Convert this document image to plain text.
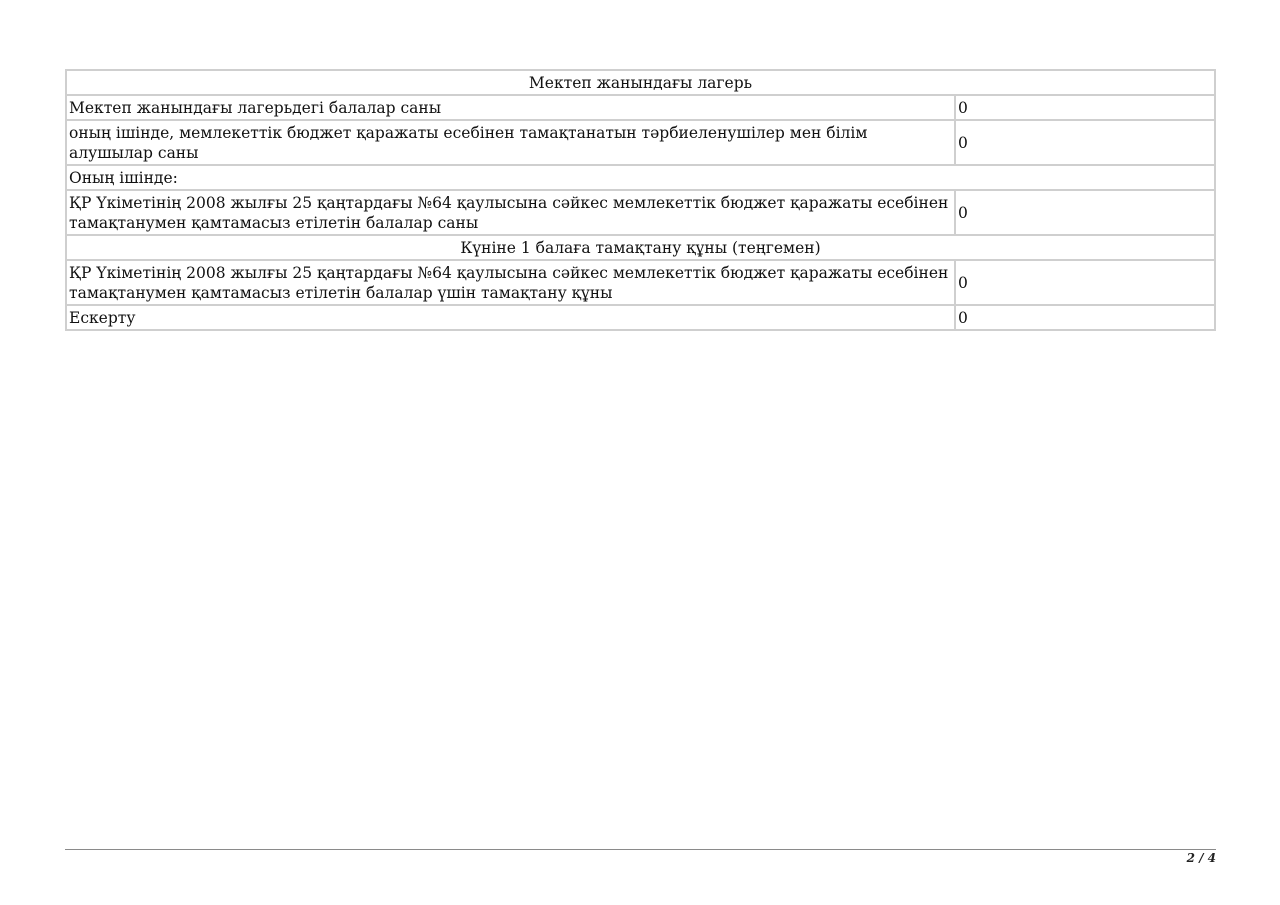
Мектеп жанындағы лагерь	
Мектеп жанындағы лагерьдегі балалар саны	0
оның ішінде, мемлекеттік бюджет қаражаты есебінен тамақтанатын тәрбиеленушілер мен білім алушылар саны	0
Оның ішінде:	
ҚР Үкіметінің 2008 жылғы 25 қаңтардағы №64 қаулысына сәйкес мемлекеттік бюджет қаражаты есебінен тамақтанумен қамтамасыз етілетін балалар саны	0
Күніне 1 балаға тамақтану құны (теңгемен)	
ҚР Үкіметінің 2008 жылғы 25 қаңтардағы №64 қаулысына сәйкес мемлекеттік бюджет қаражаты есебінен тамақтанумен қамтамасыз етілетін балалар үшін тамақтану құны	0
Ескерту	0
2 / 4
